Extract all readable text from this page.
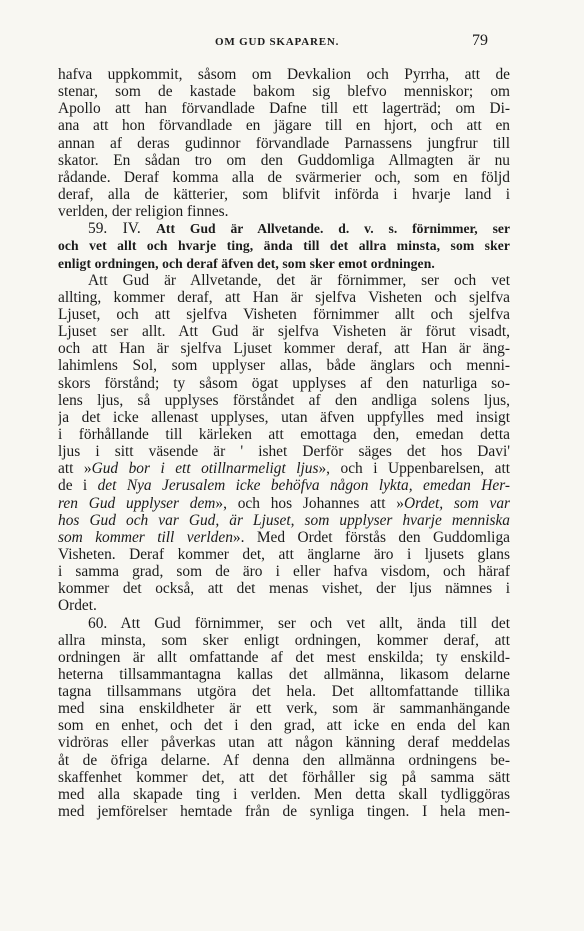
OM GUD SKAPAREN.	79
hafva uppkommit, såsom om Devkalion och Pyrrha, att de
stenar, som de kastade bakom sig blefvo menniskor; om
Apollo att han förvandlade Dafne till ett lagerträd; om Di-
ana att hon förvandlade en jägare till en hjort, och att en
annan af deras gudinnor förvandlade Parnassens jungfrur till
skator. En sådan tro om den Guddomliga Allmagten är nu
rådande. Deraf komma alla de svärmerier och, som en följd
deraf, alla de kätterier, som blifvit införda i hvarje land i
verlden, der religion finnes.
59. IV. Att Gud är Allvetande. d. v. s. förnimmer, ser
och vet allt och hvarje ting, ända till det allra minsta, som sker
enligt ordningen, och deraf äfven det, som sker emot ordningen.
Att Gud är Allvetande, det är förnimmer, ser och vet
allting, kommer deraf, att Han är sjelfva Visheten och sjelfva
Ljuset, och att sjelfva Visheten förnimmer allt och sjelfva
Ljuset ser allt. Att Gud är sjelfva Visheten är förut visadt,
och att Han är sjelfva Ljuset kommer deraf, att Han är äng-
lahimlens Sol, som upplyser allas, både änglars och menni-
skors förstånd; ty såsom ögat upplyses af den naturliga so-
lens ljus, så upplyses förståndet af den andliga solens ljus,
ja det icke allenast upplyses, utan äfven uppfylles med insigt
i förhållande till kärleken att emottaga den, emedan detta
ljus i sitt väsende är ' ishet Derför säges det hos Davi'
att »Gud bor i ett otillnarmeligt ljus», och i Uppenbarelsen, att
de i det Nya Jerusalem icke behöfva någon lykta, emedan Her-
ren Gud upplyser dem», och hos Johannes att »Ordet, som var
hos Gud och var Gud, är Ljuset, som upplyser hvarje menniska
som kommer till verlden». Med Ordet förstås den Guddomliga
Visheten. Deraf kommer det, att änglarne äro i ljusets glans
i samma grad, som de äro i eller hafva visdom, och häraf
kommer det också, att det menas vishet, der ljus nämnes i
Ordet.
60. Att Gud förnimmer, ser och vet allt, ända till det
allra minsta, som sker enligt ordningen, kommer deraf, att
ordningen är allt omfattande af det mest enskilda; ty enskild-
heterna tillsammantagna kallas det allmänna, likasom delarne
tagna tillsammans utgöra det hela. Det alltomfattande tillika
med sina enskildheter är ett verk, som är sammanhängande
som en enhet, och det i den grad, att icke en enda del kan
vidröras eller påverkas utan att någon känning deraf meddelas
åt de öfriga delarne. Af denna den allmänna ordningens be-
skaffenhet kommer det, att det förhåller sig på samma sätt
med alla skapade ting i verlden. Men detta skall tydliggöras
med jemförelser hemtade från de synliga tingen. I hela men-
